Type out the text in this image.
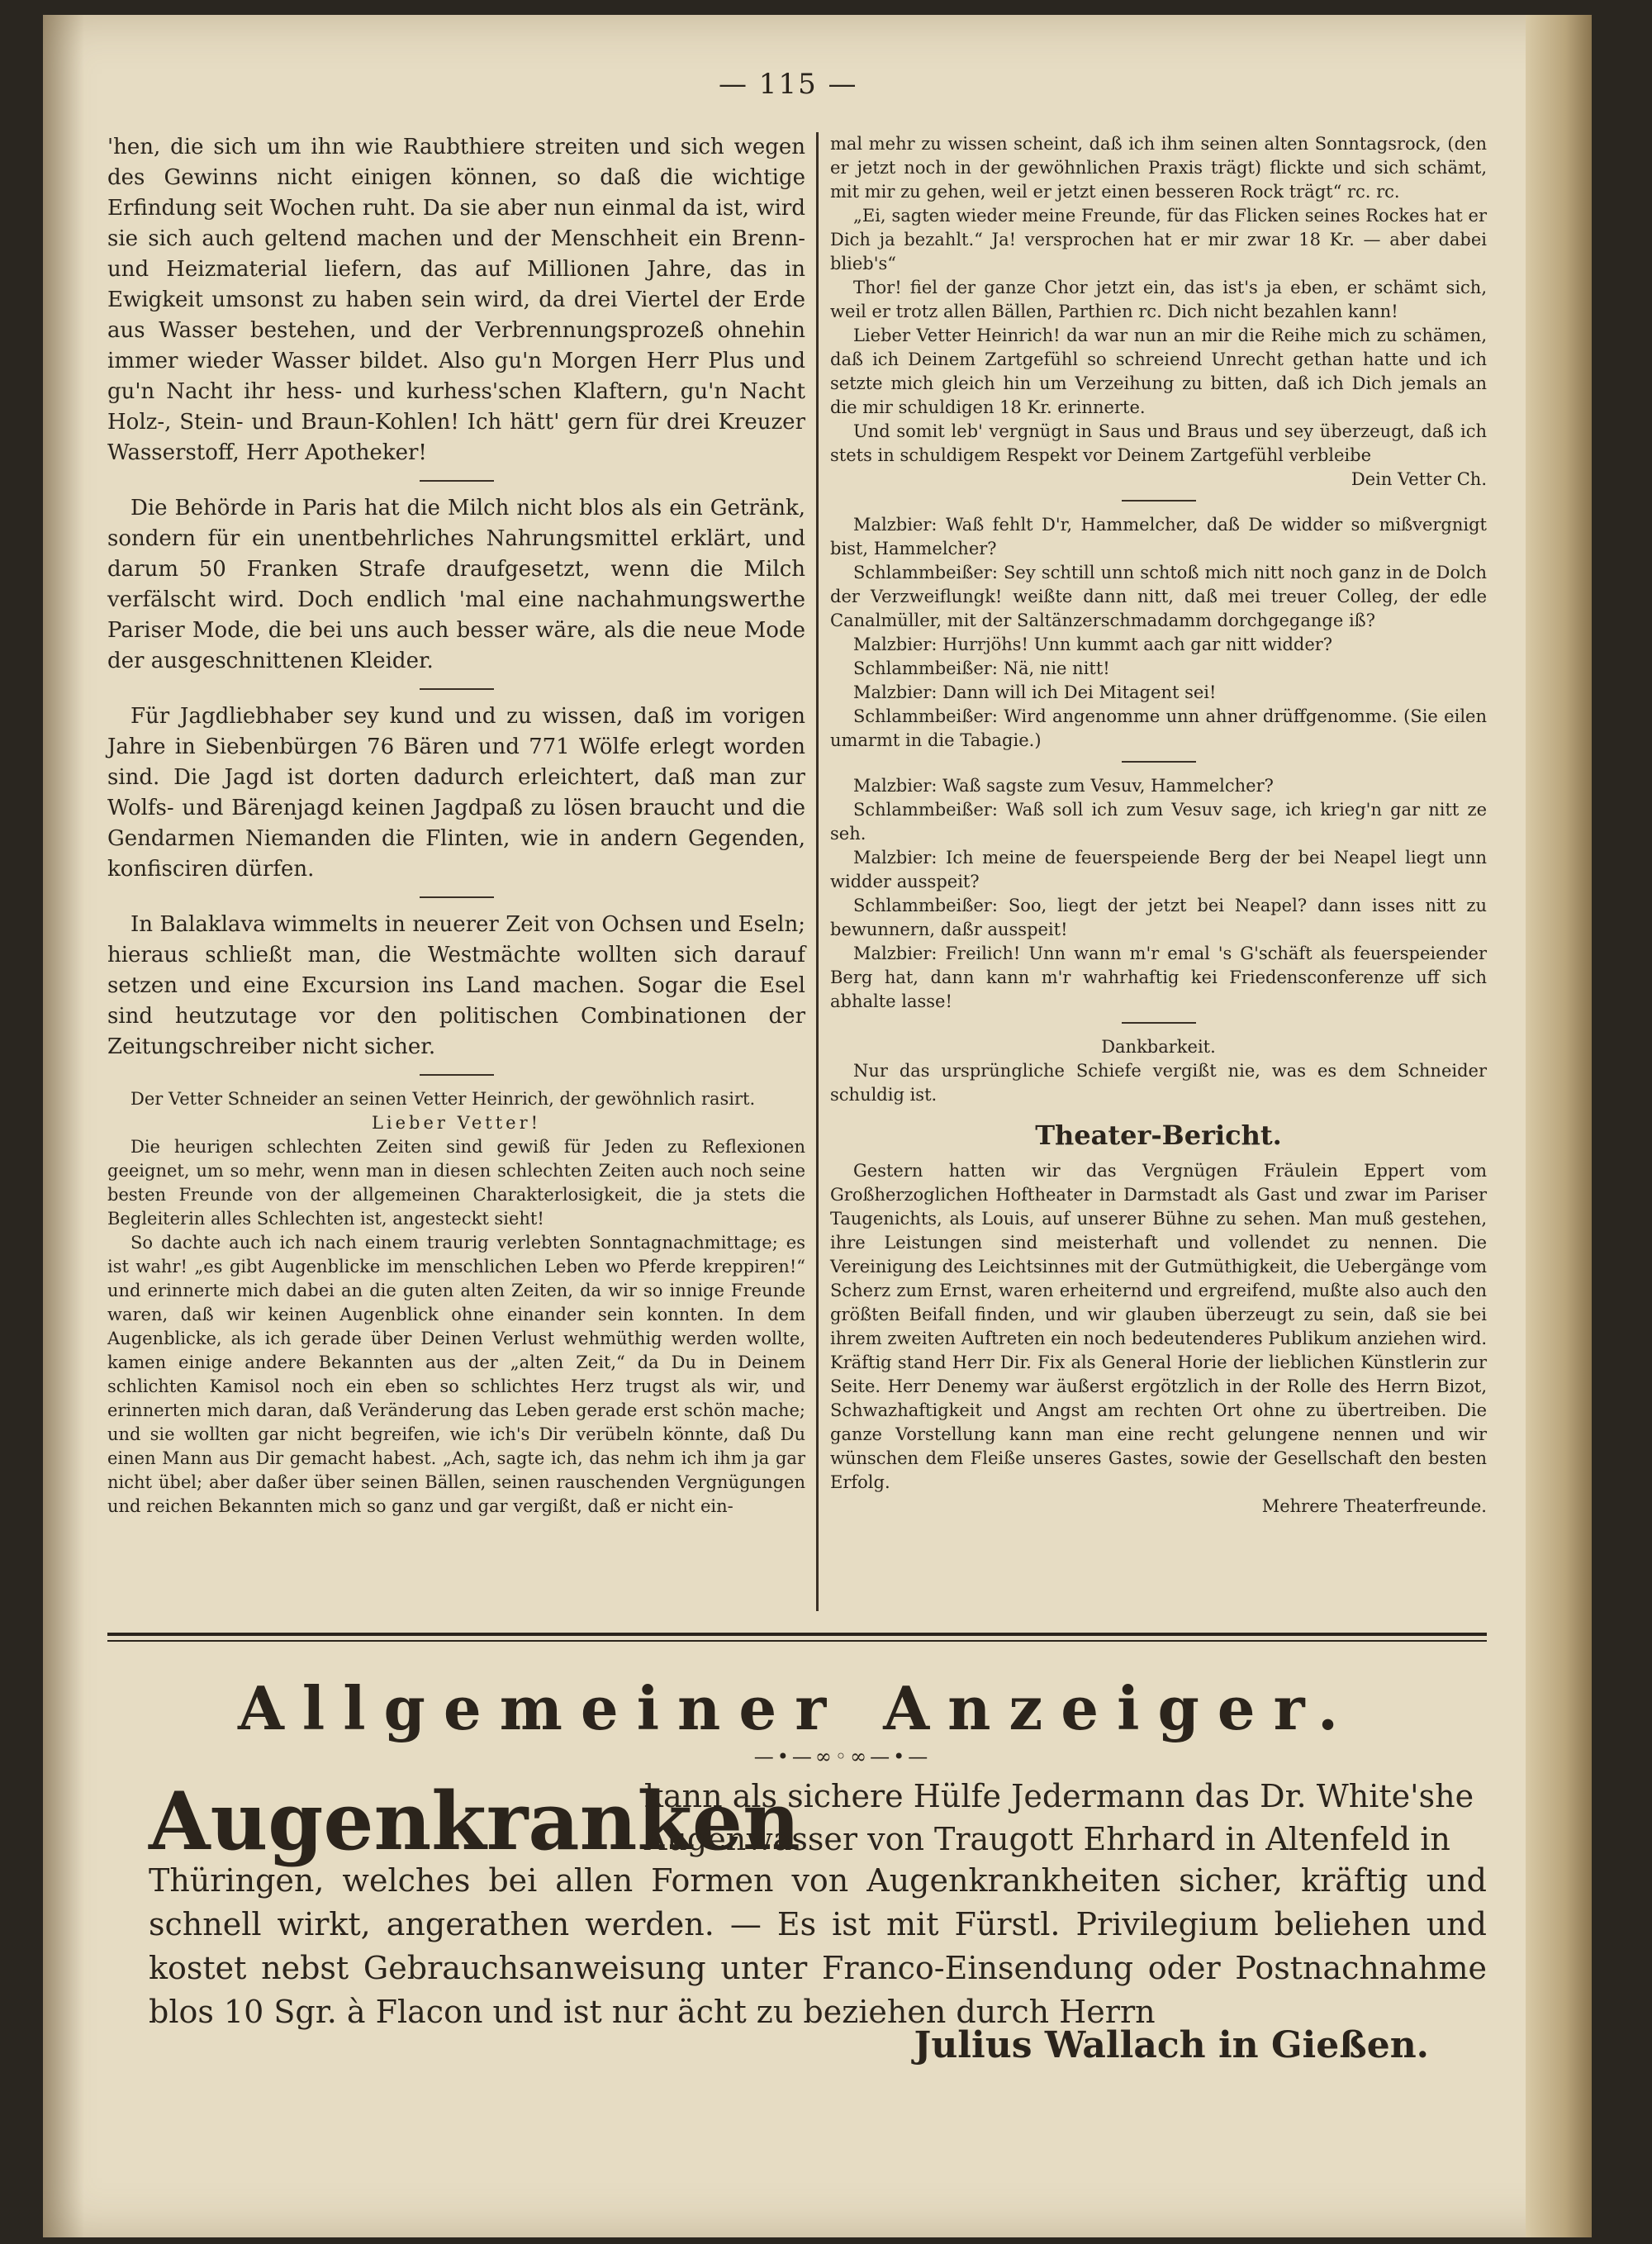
— 115 —

'hen, die sich um ihn wie Raubthiere streiten und sich wegen des Gewinns nicht einigen können, so daß die wichtige Erfindung seit Wochen ruht. Da sie aber nun einmal da ist, wird sie sich auch geltend machen und der Menschheit ein Brenn- und Heizmaterial liefern, das auf Millionen Jahre, das in Ewigkeit umsonst zu haben sein wird, da drei Viertel der Erde aus Wasser bestehen, und der Verbrennungsprozeß ohnehin immer wieder Wasser bildet. Also gu'n Morgen Herr Plus und gu'n Nacht ihr hess- und kurhess'schen Klaftern, gu'n Nacht Holz-, Stein- und Braun-Kohlen! Ich hätt' gern für drei Kreuzer Wasserstoff, Herr Apotheker!

Die Behörde in Paris hat die Milch nicht blos als ein Getränk, sondern für ein unentbehrliches Nahrungsmittel erklärt, und darum 50 Franken Strafe draufgesetzt, wenn die Milch verfälscht wird. Doch endlich 'mal eine nachahmungswerthe Pariser Mode, die bei uns auch besser wäre, als die neue Mode der ausgeschnittenen Kleider.

Für Jagdliebhaber sey kund und zu wissen, daß im vorigen Jahre in Siebenbürgen 76 Bären und 771 Wölfe erlegt worden sind. Die Jagd ist dorten dadurch erleichtert, daß man zur Wolfs- und Bärenjagd keinen Jagdpaß zu lösen braucht und die Gendarmen Niemanden die Flinten, wie in andern Gegenden, konfisciren dürfen.

In Balaklava wimmelts in neuerer Zeit von Ochsen und Eseln; hieraus schließt man, die Westmächte wollten sich darauf setzen und eine Excursion ins Land machen. Sogar die Esel sind heutzutage vor den politischen Combinationen der Zeitungschreiber nicht sicher.

Der Vetter Schneider an seinen Vetter Heinrich, der gewöhnlich rasirt.

Lieber Vetter!

Die heurigen schlechten Zeiten sind gewiß für Jeden zu Reflexionen geeignet, um so mehr, wenn man in diesen schlechten Zeiten auch noch seine besten Freunde von der allgemeinen Charakterlosigkeit, die ja stets die Begleiterin alles Schlechten ist, angesteckt sieht!

So dachte auch ich nach einem traurig verlebten Sonntagnachmittage; es ist wahr! „es gibt Augenblicke im menschlichen Leben wo Pferde kreppiren!“ und erinnerte mich dabei an die guten alten Zeiten, da wir so innige Freunde waren, daß wir keinen Augenblick ohne einander sein konnten. In dem Augenblicke, als ich gerade über Deinen Verlust wehmüthig werden wollte, kamen einige andere Bekannten aus der „alten Zeit,“ da Du in Deinem schlichten Kamisol noch ein eben so schlichtes Herz trugst als wir, und erinnerten mich daran, daß Veränderung das Leben gerade erst schön mache; und sie wollten gar nicht begreifen, wie ich's Dir verübeln könnte, daß Du einen Mann aus Dir gemacht habest. „Ach, sagte ich, das nehm ich ihm ja gar nicht übel; aber daßer über seinen Bällen, seinen rauschenden Vergnügungen und reichen Bekannten mich so ganz und gar vergißt, daß er nicht ein-

mal mehr zu wissen scheint, daß ich ihm seinen alten Sonntagsrock, (den er jetzt noch in der gewöhnlichen Praxis trägt) flickte und sich schämt, mit mir zu gehen, weil er jetzt einen besseren Rock trägt“ rc. rc.

„Ei, sagten wieder meine Freunde, für das Flicken seines Rockes hat er Dich ja bezahlt.“ Ja! versprochen hat er mir zwar 18 Kr. — aber dabei blieb's“

Thor! fiel der ganze Chor jetzt ein, das ist's ja eben, er schämt sich, weil er trotz allen Bällen, Parthien rc. Dich nicht bezahlen kann!

Lieber Vetter Heinrich! da war nun an mir die Reihe mich zu schämen, daß ich Deinem Zartgefühl so schreiend Unrecht gethan hatte und ich setzte mich gleich hin um Verzeihung zu bitten, daß ich Dich jemals an die mir schuldigen 18 Kr. erinnerte.

Und somit leb' vergnügt in Saus und Braus und sey überzeugt, daß ich stets in schuldigem Respekt vor Deinem Zartgefühl verbleibe

Dein Vetter Ch.

Malzbier: Waß fehlt D'r, Hammelcher, daß De widder so mißvergnigt bist, Hammelcher?

Schlammbeißer: Sey schtill unn schtoß mich nitt noch ganz in de Dolch der Verzweiflungk! weißte dann nitt, daß mei treuer Colleg, der edle Canalmüller, mit der Saltänzerschmadamm dorchgegange iß?

Malzbier: Hurrjöhs! Unn kummt aach gar nitt widder?

Schlammbeißer: Nä, nie nitt!

Malzbier: Dann will ich Dei Mitagent sei!

Schlammbeißer: Wird angenomme unn ahner drüffgenomme. (Sie eilen umarmt in die Tabagie.)

Malzbier: Waß sagste zum Vesuv, Hammelcher?

Schlammbeißer: Waß soll ich zum Vesuv sage, ich krieg'n gar nitt ze seh.

Malzbier: Ich meine de feuerspeiende Berg der bei Neapel liegt unn widder ausspeit?

Schlammbeißer: Soo, liegt der jetzt bei Neapel? dann isses nitt zu bewunnern, daßr ausspeit!

Malzbier: Freilich! Unn wann m'r emal 's G'schäft als feuerspeiender Berg hat, dann kann m'r wahrhaftig kei Friedensconferenze uff sich abhalte lasse!

Dankbarkeit.

Nur das ursprüngliche Schiefe vergißt nie, was es dem Schneider schuldig ist.

Theater-Bericht.

Gestern hatten wir das Vergnügen Fräulein Eppert vom Großherzoglichen Hoftheater in Darmstadt als Gast und zwar im Pariser Taugenichts, als Louis, auf unserer Bühne zu sehen. Man muß gestehen, ihre Leistungen sind meisterhaft und vollendet zu nennen. Die Vereinigung des Leichtsinnes mit der Gutmüthigkeit, die Uebergänge vom Scherz zum Ernst, waren erheiternd und ergreifend, mußte also auch den größten Beifall finden, und wir glauben überzeugt zu sein, daß sie bei ihrem zweiten Auftreten ein noch bedeutenderes Publikum anziehen wird. Kräftig stand Herr Dir. Fix als General Horie der lieblichen Künstlerin zur Seite. Herr Denemy war äußerst ergötzlich in der Rolle des Herrn Bizot, Schwazhaftigkeit und Angst am rechten Ort ohne zu übertreiben. Die ganze Vorstellung kann man eine recht gelungene nennen und wir wünschen dem Fleiße unseres Gastes, sowie der Gesellschaft den besten Erfolg.

Mehrere Theaterfreunde.

Allgemeiner Anzeiger.
—•—∞◦∞—•—
Augenkranken
kann als sichere Hülfe Jedermann das Dr. White'she Augenwasser von Traugott Ehrhard in Altenfeld in
Thüringen, welches bei allen Formen von Augenkrankheiten sicher, kräftig und schnell wirkt, angerathen werden. — Es ist mit Fürstl. Privilegium beliehen und kostet nebst Gebrauchsanweisung unter Franco-Einsendung oder Postnachnahme blos 10 Sgr. à Flacon und ist nur ächt zu beziehen durch Herrn
Julius Wallach in Gießen.
